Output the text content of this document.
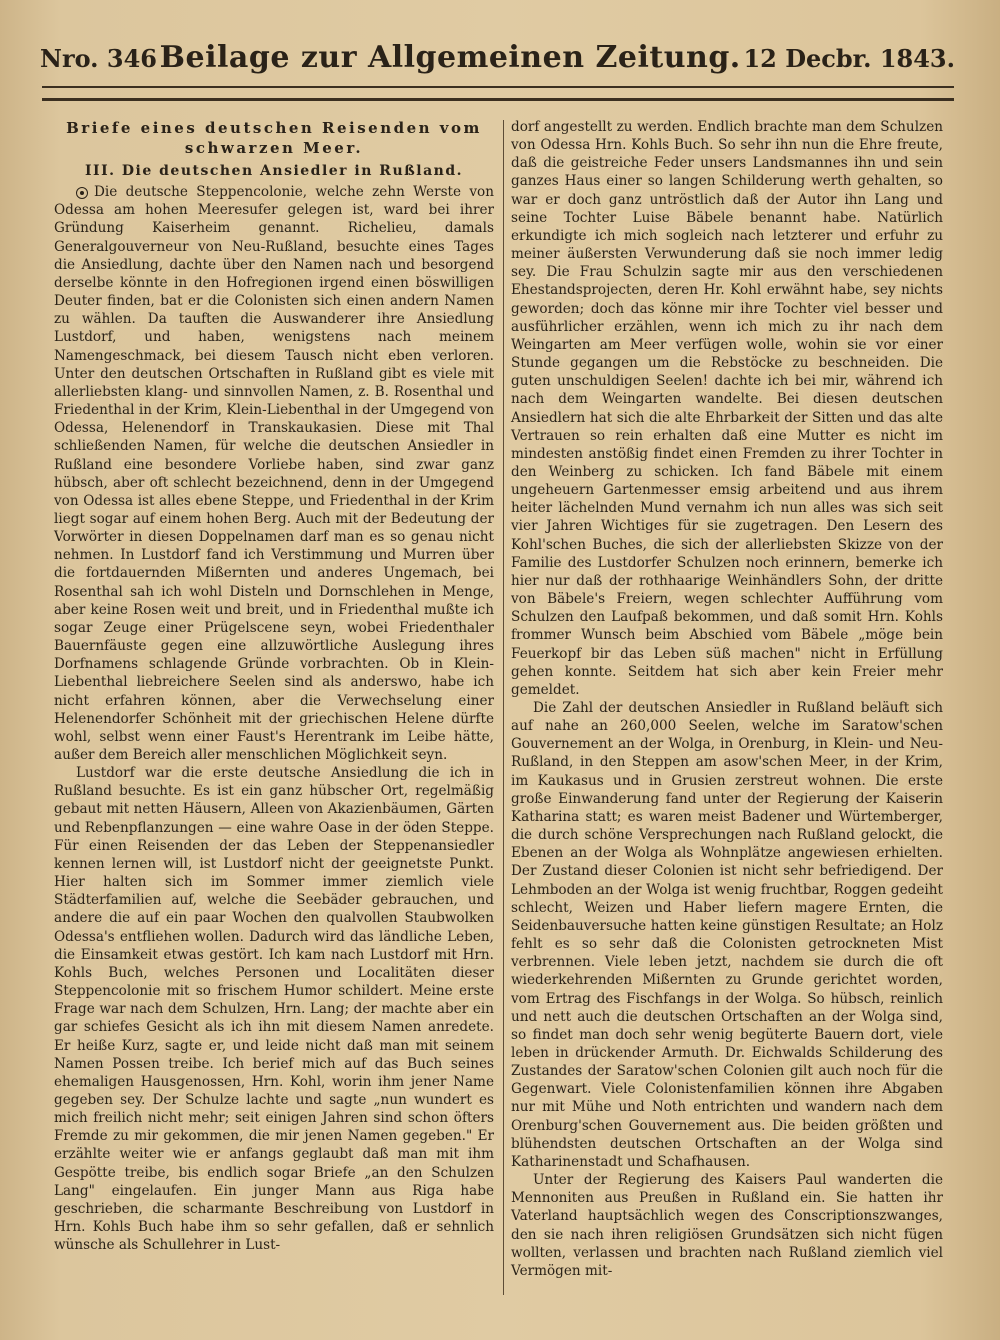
Nro. 346 Beilage zur Allgemeinen Zeitung. 12 Decbr. 1843.
Briefe eines deutschen Reisenden vom schwarzen Meer.
III. Die deutschen Ansiedler in Rußland.

Die deutsche Steppencolonie, welche zehn Werste von Odessa am hohen Meeresufer gelegen ist, ward bei ihrer Gründung Kaiserheim genannt. Richelieu, damals Generalgouverneur von Neu-Rußland, besuchte eines Tages die Ansiedlung, dachte über den Namen nach und besorgend derselbe könnte in den Hofregionen irgend einen böswilligen Deuter finden, bat er die Colonisten sich einen andern Namen zu wählen. Da tauften die Auswanderer ihre Ansiedlung Lustdorf, und haben, wenigstens nach meinem Namengeschmack, bei diesem Tausch nicht eben verloren. Unter den deutschen Ortschaften in Rußland gibt es viele mit allerliebsten klang- und sinnvollen Namen, z. B. Rosenthal und Friedenthal in der Krim, Klein-Liebenthal in der Umgegend von Odessa, Helenendorf in Transkaukasien. Diese mit Thal schließenden Namen, für welche die deutschen Ansiedler in Rußland eine besondere Vorliebe haben, sind zwar ganz hübsch, aber oft schlecht bezeichnend, denn in der Umgegend von Odessa ist alles ebene Steppe, und Friedenthal in der Krim liegt sogar auf einem hohen Berg. Auch mit der Bedeutung der Vorwörter in diesen Doppelnamen darf man es so genau nicht nehmen. In Lustdorf fand ich Verstimmung und Murren über die fortdauernden Mißernten und anderes Ungemach, bei Rosenthal sah ich wohl Disteln und Dornschlehen in Menge, aber keine Rosen weit und breit, und in Friedenthal mußte ich sogar Zeuge einer Prügelscene seyn, wobei Friedenthaler Bauernfäuste gegen eine allzuwörtliche Auslegung ihres Dorfnamens schlagende Gründe vorbrachten. Ob in Klein-Liebenthal liebreichere Seelen sind als anderswo, habe ich nicht erfahren können, aber die Verwechselung einer Helenendorfer Schönheit mit der griechischen Helene dürfte wohl, selbst wenn einer Faust's Herentrank im Leibe hätte, außer dem Bereich aller menschlichen Möglichkeit seyn.

Lustdorf war die erste deutsche Ansiedlung die ich in Rußland besuchte. Es ist ein ganz hübscher Ort, regelmäßig gebaut mit netten Häusern, Alleen von Akazienbäumen, Gärten und Rebenpflanzungen — eine wahre Oase in der öden Steppe. Für einen Reisenden der das Leben der Steppenansiedler kennen lernen will, ist Lustdorf nicht der geeignetste Punkt. Hier halten sich im Sommer immer ziemlich viele Städterfamilien auf, welche die Seebäder gebrauchen, und andere die auf ein paar Wochen den qualvollen Staubwolken Odessa's entfliehen wollen. Dadurch wird das ländliche Leben, die Einsamkeit etwas gestört. Ich kam nach Lustdorf mit Hrn. Kohls Buch, welches Personen und Localitäten dieser Steppencolonie mit so frischem Humor schildert. Meine erste Frage war nach dem Schulzen, Hrn. Lang; der machte aber ein gar schiefes Gesicht als ich ihn mit diesem Namen anredete. Er heiße Kurz, sagte er, und leide nicht daß man mit seinem Namen Possen treibe. Ich berief mich auf das Buch seines ehemaligen Hausgenossen, Hrn. Kohl, worin ihm jener Name gegeben sey. Der Schulze lachte und sagte „nun wundert es mich freilich nicht mehr; seit einigen Jahren sind schon öfters Fremde zu mir gekommen, die mir jenen Namen gegeben." Er erzählte weiter wie er anfangs geglaubt daß man mit ihm Gespötte treibe, bis endlich sogar Briefe „an den Schulzen Lang" eingelaufen. Ein junger Mann aus Riga habe geschrieben, die scharmante Beschreibung von Lustdorf in Hrn. Kohls Buch habe ihm so sehr gefallen, daß er sehnlich wünsche als Schullehrer in Lust-

dorf angestellt zu werden. Endlich brachte man dem Schulzen von Odessa Hrn. Kohls Buch. So sehr ihn nun die Ehre freute, daß die geistreiche Feder unsers Landsmannes ihn und sein ganzes Haus einer so langen Schilderung werth gehalten, so war er doch ganz untröstlich daß der Autor ihn Lang und seine Tochter Luise Bäbele benannt habe. Natürlich erkundigte ich mich sogleich nach letzterer und erfuhr zu meiner äußersten Verwunderung daß sie noch immer ledig sey. Die Frau Schulzin sagte mir aus den verschiedenen Ehestandsprojecten, deren Hr. Kohl erwähnt habe, sey nichts geworden; doch das könne mir ihre Tochter viel besser und ausführlicher erzählen, wenn ich mich zu ihr nach dem Weingarten am Meer verfügen wolle, wohin sie vor einer Stunde gegangen um die Rebstöcke zu beschneiden. Die guten unschuldigen Seelen! dachte ich bei mir, während ich nach dem Weingarten wandelte. Bei diesen deutschen Ansiedlern hat sich die alte Ehrbarkeit der Sitten und das alte Vertrauen so rein erhalten daß eine Mutter es nicht im mindesten anstößig findet einen Fremden zu ihrer Tochter in den Weinberg zu schicken. Ich fand Bäbele mit einem ungeheuern Gartenmesser emsig arbeitend und aus ihrem heiter lächelnden Mund vernahm ich nun alles was sich seit vier Jahren Wichtiges für sie zugetragen. Den Lesern des Kohl'schen Buches, die sich der allerliebsten Skizze von der Familie des Lustdorfer Schulzen noch erinnern, bemerke ich hier nur daß der rothhaarige Weinhändlers Sohn, der dritte von Bäbele's Freiern, wegen schlechter Aufführung vom Schulzen den Laufpaß bekommen, und daß somit Hrn. Kohls frommer Wunsch beim Abschied vom Bäbele „möge bein Feuerkopf bir das Leben süß machen" nicht in Erfüllung gehen konnte. Seitdem hat sich aber kein Freier mehr gemeldet.

Die Zahl der deutschen Ansiedler in Rußland beläuft sich auf nahe an 260,000 Seelen, welche im Saratow'schen Gouvernement an der Wolga, in Orenburg, in Klein- und Neu-Rußland, in den Steppen am asow'schen Meer, in der Krim, im Kaukasus und in Grusien zerstreut wohnen. Die erste große Einwanderung fand unter der Regierung der Kaiserin Katharina statt; es waren meist Badener und Würtemberger, die durch schöne Versprechungen nach Rußland gelockt, die Ebenen an der Wolga als Wohnplätze angewiesen erhielten. Der Zustand dieser Colonien ist nicht sehr befriedigend. Der Lehmboden an der Wolga ist wenig fruchtbar, Roggen gedeiht schlecht, Weizen und Haber liefern magere Ernten, die Seidenbauversuche hatten keine günstigen Resultate; an Holz fehlt es so sehr daß die Colonisten getrockneten Mist verbrennen. Viele leben jetzt, nachdem sie durch die oft wiederkehrenden Mißernten zu Grunde gerichtet worden, vom Ertrag des Fischfangs in der Wolga. So hübsch, reinlich und nett auch die deutschen Ortschaften an der Wolga sind, so findet man doch sehr wenig begüterte Bauern dort, viele leben in drückender Armuth. Dr. Eichwalds Schilderung des Zustandes der Saratow'schen Colonien gilt auch noch für die Gegenwart. Viele Colonistenfamilien können ihre Abgaben nur mit Mühe und Noth entrichten und wandern nach dem Orenburg'schen Gouvernement aus. Die beiden größten und blühendsten deutschen Ortschaften an der Wolga sind Katharinenstadt und Schafhausen.

Unter der Regierung des Kaisers Paul wanderten die Mennoniten aus Preußen in Rußland ein. Sie hatten ihr Vaterland hauptsächlich wegen des Conscriptionszwanges, den sie nach ihren religiösen Grundsätzen sich nicht fügen wollten, verlassen und brachten nach Rußland ziemlich viel Vermögen mit-
